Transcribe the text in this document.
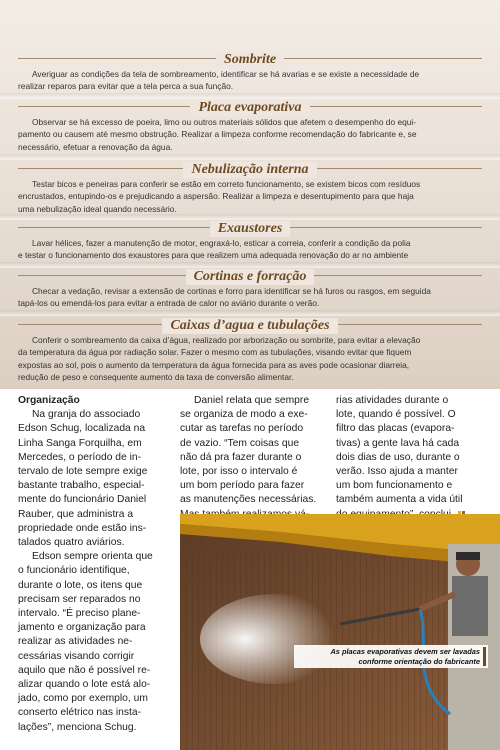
Sombrite
Averiguar as condições da tela de sombreamento, identificar se há avarias e se existe a necessidade de
realizar reparos para evitar que a tela perca a sua função.
Placa evaporativa
Observar se há excesso de poeira, limo ou outros materiais sólidos que afetem o desempenho do equi-
pamento ou causem até mesmo obstrução. Realizar a limpeza conforme recomendação do fabricante e, se
necessário, efetuar a renovação da água.
Nebulização interna
Testar bicos e peneiras para conferir se estão em correto funcionamento, se existem bicos com resíduos
encrustados, entupindo-os e prejudicando a aspersão. Realizar a limpeza e desentupimento para que haja
uma nebulização ideal quando necessário.
Exaustores
Lavar hélices, fazer a manutenção de motor, engraxá-lo, esticar a correia, conferir a condição da polia
e testar o funcionamento dos exaustores para que realizem uma adequada renovação do ar no ambiente
Cortinas e forração
Checar a vedação, revisar a extensão de cortinas e forro para identificar se há furos ou rasgos, em seguida
tapá-los ou emendá-los para evitar a entrada de calor no aviário durante o verão.
Caixas d’agua e tubulações
Conferir o sombreamento da caixa d’água, realizado por arborização ou sombrite, para evitar a elevação
da temperatura da água por radiação solar. Fazer o mesmo com as tubulações, visando evitar que fiquem
expostas ao sol, pois o aumento da temperatura da água fornecida para as aves pode ocasionar diarreia,
redução de peso e consequente aumento da taxa de conversão alimentar.

Organização

Na granja do associado

Edson Schug, localizada na

Linha Sanga Forquilha, em

Mercedes, o período de in-

tervalo de lote sempre exige

bastante trabalho, especial-

mente do funcionário Daniel

Rauber, que administra a

propriedade onde estão ins-

talados quatro aviários.

Edson sempre orienta que

o funcionário identifique,

durante o lote, os itens que

precisam ser reparados no

intervalo. “É preciso plane-

jamento e organização para

realizar as atividades ne-

cessárias visando corrigir

aquilo que não é possível re-

alizar quando o lote está alo-

jado, como por exemplo, um

conserto elétrico nas insta-

lações”, menciona Schug.

Daniel relata que sempre

se organiza de modo a exe-

cutar as tarefas no período

de vazio. “Tem coisas que

não dá pra fazer durante o

lote, por isso o intervalo é

um bom período para fazer

as manutenções necessárias.

rias atividades durante o

lote, quando é possível. O

filtro das placas (evapora-

tivas) a gente lava há cada

dois dias de uso, durante o

verão. Isso ajuda a manter

um bom funcionamento e

também aumenta a vida útil

As placas evaporativas devem ser lavadas
conforme orientação do fabricante
